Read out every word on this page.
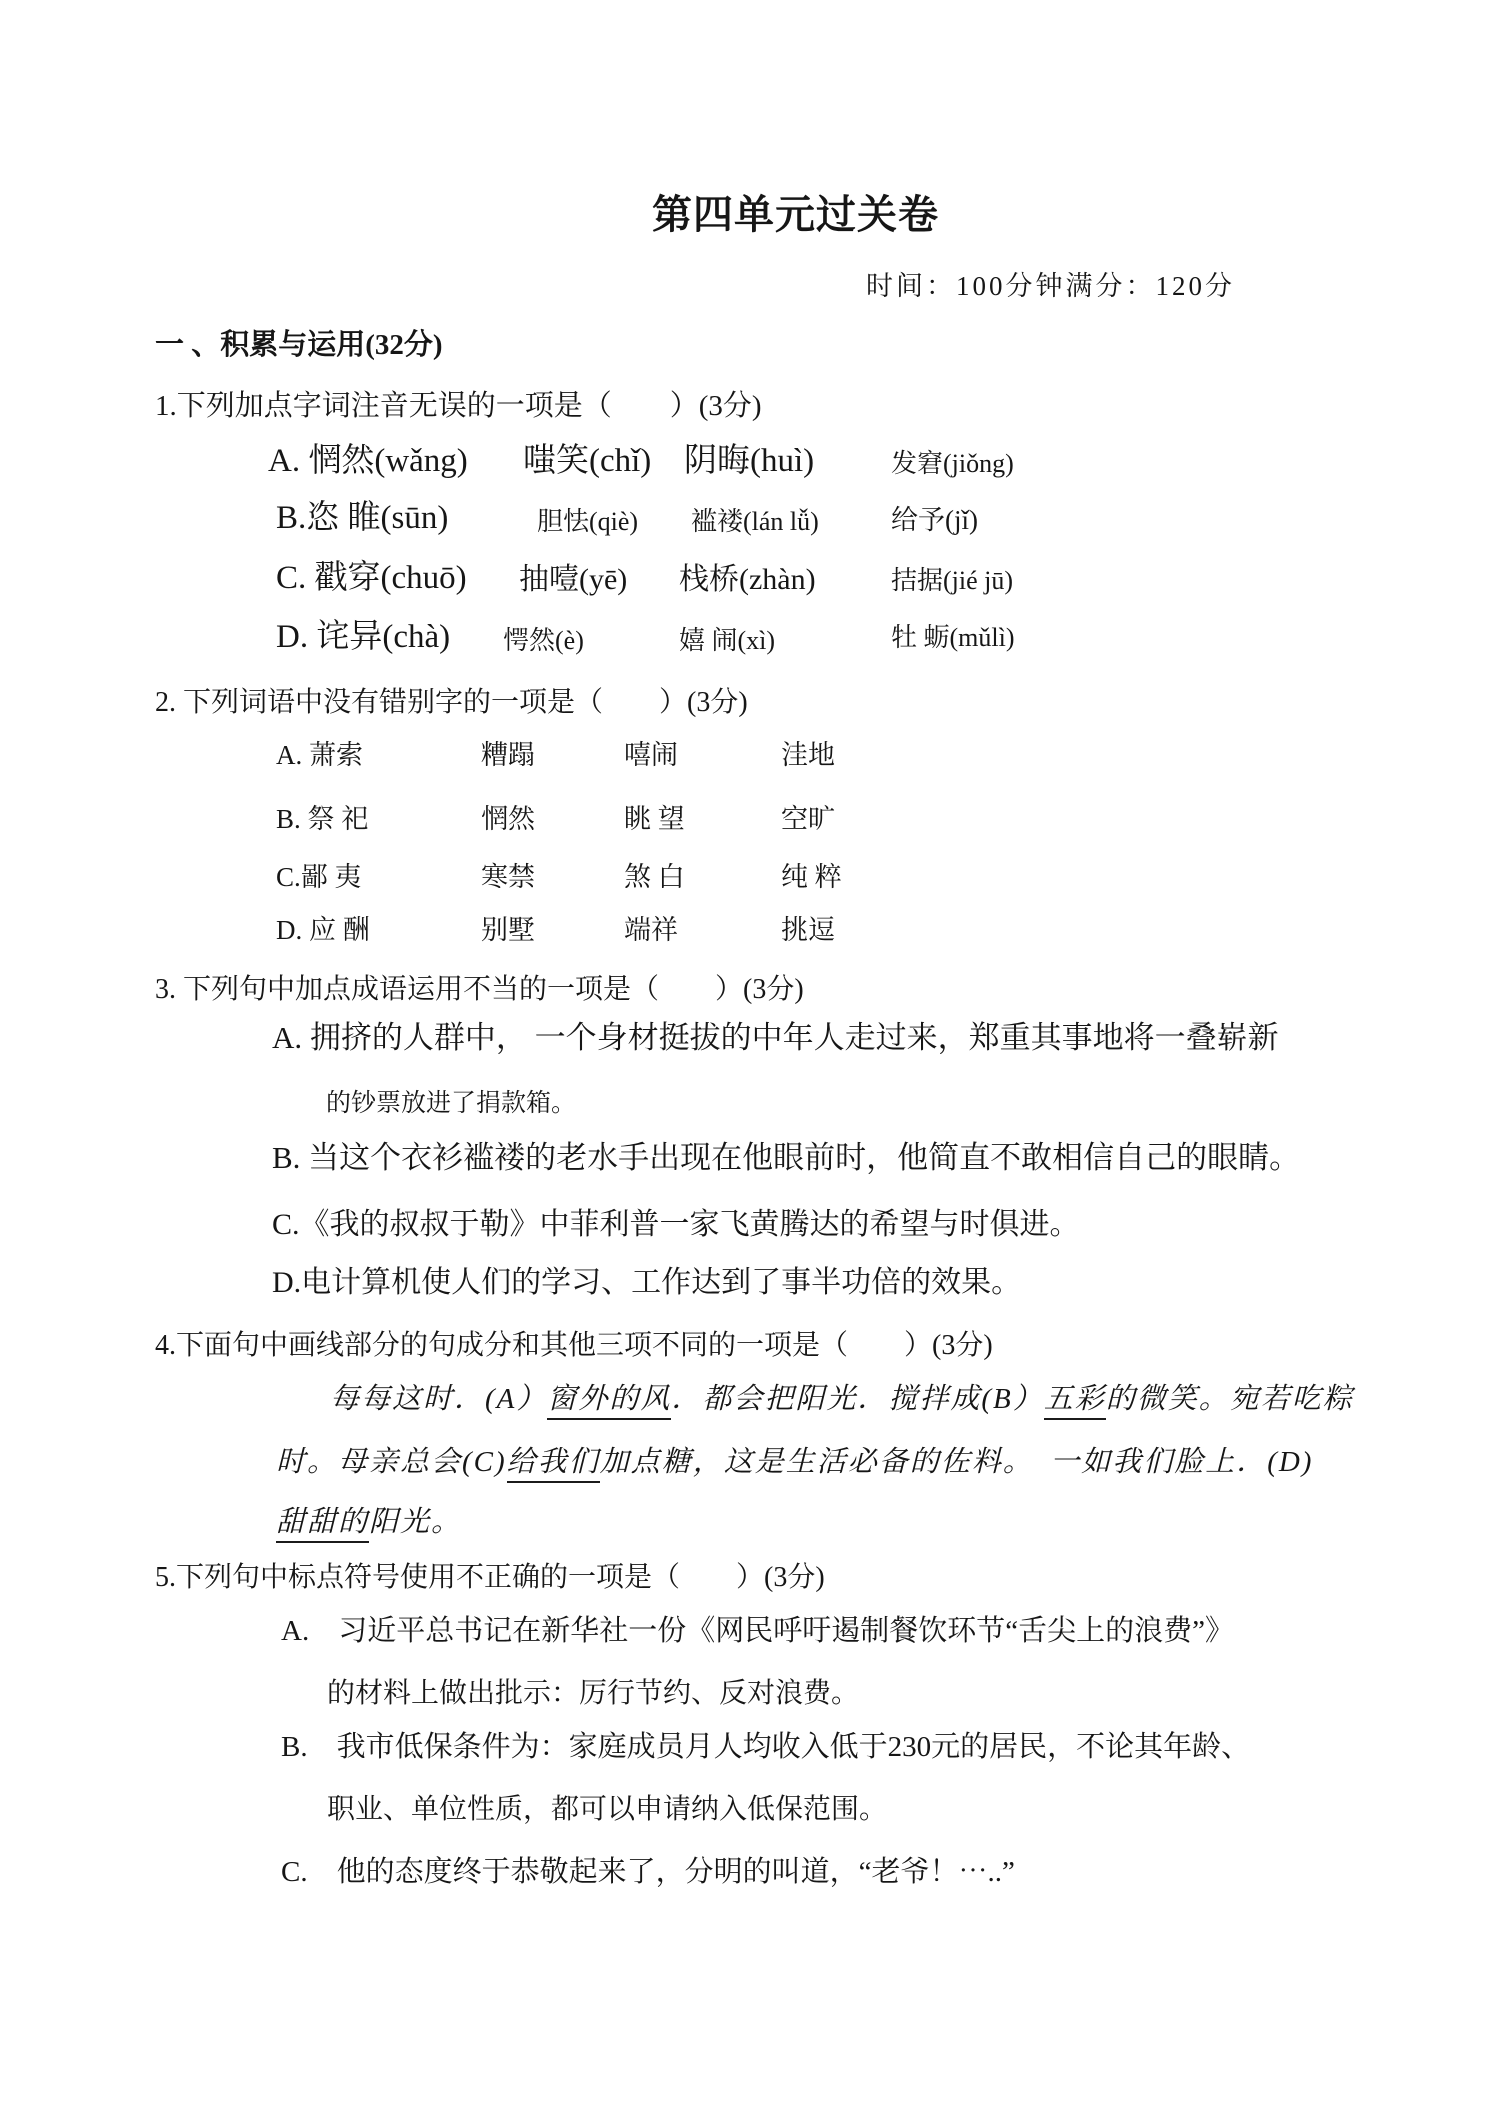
第四单元过关卷
时间：100分钟满分：120分
一 、积累与运用(32分)
1.下列加点字词注音无误的一项是（　　）(3分)
A. 惘然(wǎng) 嗤笑(chǐ) 阴晦(huì)	发窘(jiǒng)
B.恣 睢(sūn)	胆怯(qiè) 褴褛(lán lǚ)	给予(jǐ)
C. 戳穿(chuō) 抽噎(yē) 栈桥(zhàn)	拮据(jié jū)
D. 诧异(chà) 愕然(è)	嬉 闹(xì)	牡 蛎(mǔlì)
2. 下列词语中没有错别字的一项是（　　）(3分)
A. 萧索	糟蹋	嘻闹	洼地
B. 祭 祀	惘然	眺 望	空旷
C.鄙 夷	寒禁	煞 白	纯 粹
D. 应 酬	别墅	端祥	挑逗
3. 下列句中加点成语运用不当的一项是（　　）(3分)
A. 拥挤的人群中， 一个身材挺拔的中年人走过来，郑重其事地将一叠崭新
的钞票放进了捐款箱。
B. 当这个衣衫褴褛的老水手出现在他眼前时，他简直不敢相信自己的眼睛。
C.《我的叔叔于勒》中菲利普一家飞黄腾达的希望与时俱进。
D.电计算机使人们的学习、工作达到了事半功倍的效果。
4.下面句中画线部分的句成分和其他三项不同的一项是（　　）(3分)
每每这时．(A）窗外的风．都会把阳光．搅拌成(B）五彩的微笑。宛若吃粽
时。母亲总会(C)给我们加点糖，这是生活必备的佐料。　一如我们脸上．(D)
甜甜的阳光。
5.下列句中标点符号使用不正确的一项是（　　）(3分)
A.　习近平总书记在新华社一份《网民呼吁遏制餐饮环节“舌尖上的浪费”》
的材料上做出批示：厉行节约、反对浪费。
B.　我市低保条件为：家庭成员月人均收入低于230元的居民，不论其年龄、
职业、单位性质，都可以申请纳入低保范围。
C.　他的态度终于恭敬起来了，分明的叫道，“老爷！⋯..”
